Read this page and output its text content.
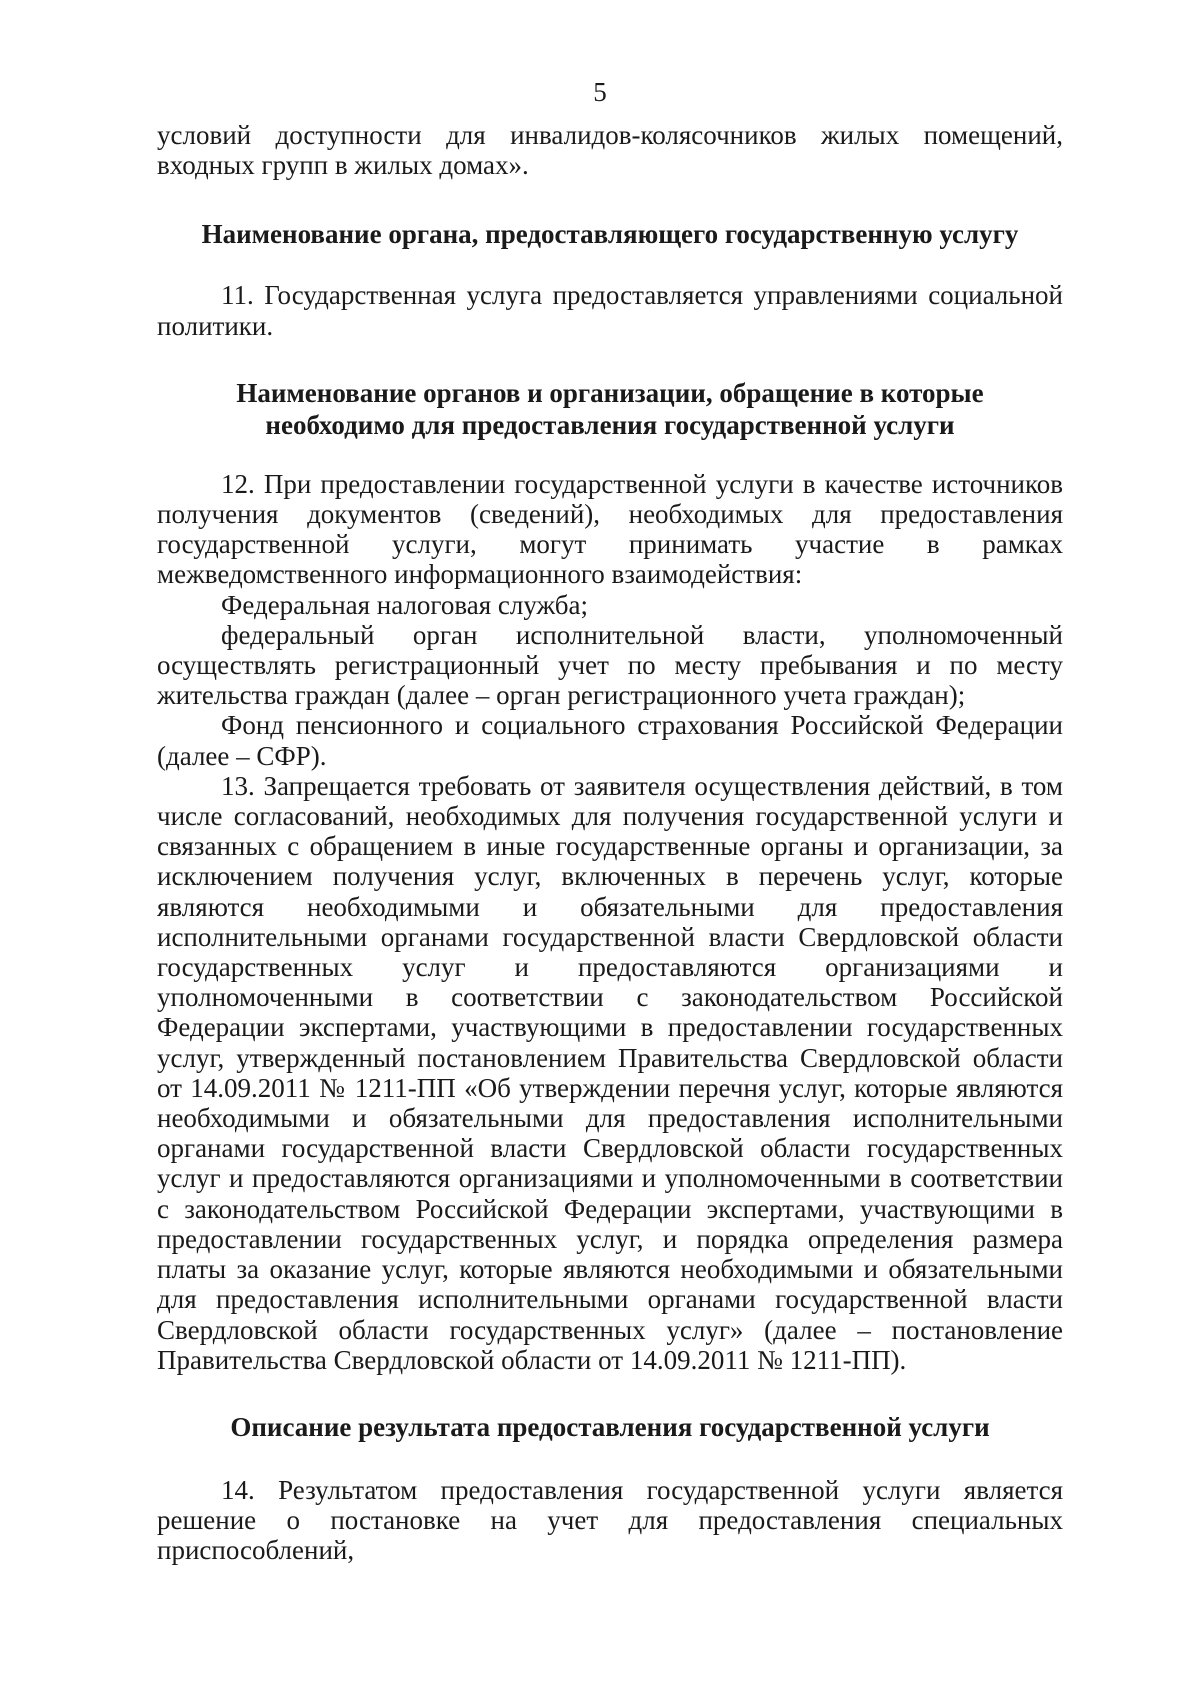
5

условий доступности для инвалидов-колясочников жилых помещений, входных групп в жилых домах».

Наименование органа, предоставляющего государственную услугу

11. Государственная услуга предоставляется управлениями социальной политики.

Наименование органов и организации, обращение в которые
необходимо для предоставления государственной услуги

12. При предоставлении государственной услуги в качестве источников получения документов (сведений), необходимых для предоставления государственной услуги, могут принимать участие в рамках межведомственного информационного взаимодействия:

Федеральная налоговая служба;

федеральный орган исполнительной власти, уполномоченный осуществлять регистрационный учет по месту пребывания и по месту жительства граждан (далее – орган регистрационного учета граждан);

Фонд пенсионного и социального страхования Российской Федерации (далее – СФР).

13. Запрещается требовать от заявителя осуществления действий, в том числе согласований, необходимых для получения государственной услуги и связанных с обращением в иные государственные органы и организации, за исключением получения услуг, включенных в перечень услуг, которые являются необходимыми и обязательными для предоставления исполнительными органами государственной власти Свердловской области государственных услуг и предоставляются организациями и уполномоченными в соответствии с законодательством Российской Федерации экспертами, участвующими в предоставлении государственных услуг, утвержденный постановлением Правительства Свердловской области от 14.09.2011 № 1211-ПП «Об утверждении перечня услуг, которые являются необходимыми и обязательными для предоставления исполнительными органами государственной власти Свердловской области государственных услуг и предоставляются организациями и уполномоченными в соответствии с законодательством Российской Федерации экспертами, участвующими в предоставлении государственных услуг, и порядка определения размера платы за оказание услуг, которые являются необходимыми и обязательными для предоставления исполнительными органами государственной власти Свердловской области государственных услуг» (далее – постановление Правительства Свердловской области от 14.09.2011 № 1211-ПП).

Описание результата предоставления государственной услуги

14. Результатом предоставления государственной услуги является решение о постановке на учет для предоставления специальных приспособлений,
